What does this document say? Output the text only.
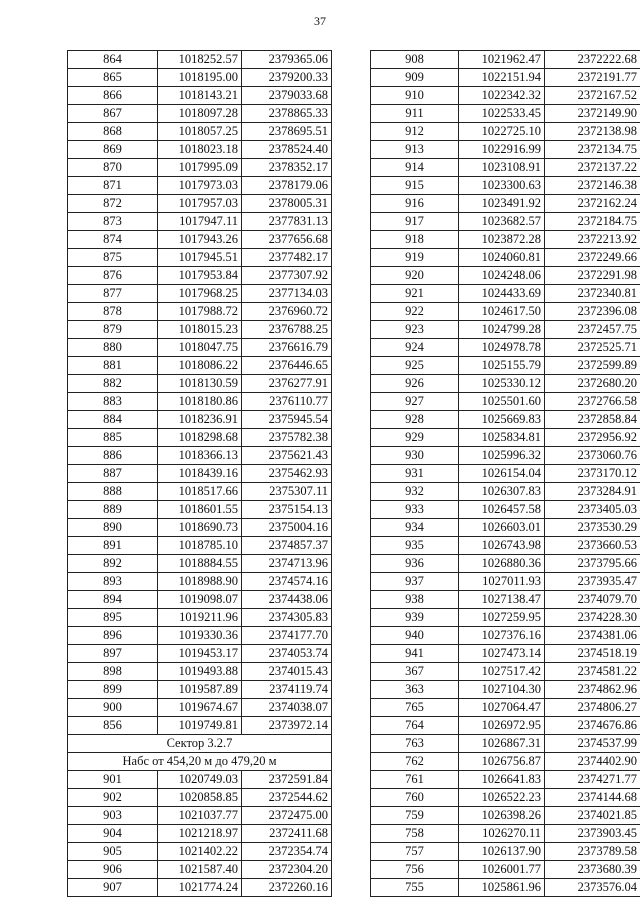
37
864	1018252.57	2379365.06
865	1018195.00	2379200.33
866	1018143.21	2379033.68
867	1018097.28	2378865.33
868	1018057.25	2378695.51
869	1018023.18	2378524.40
870	1017995.09	2378352.17
871	1017973.03	2378179.06
872	1017957.03	2378005.31
873	1017947.11	2377831.13
874	1017943.26	2377656.68
875	1017945.51	2377482.17
876	1017953.84	2377307.92
877	1017968.25	2377134.03
878	1017988.72	2376960.72
879	1018015.23	2376788.25
880	1018047.75	2376616.79
881	1018086.22	2376446.65
882	1018130.59	2376277.91
883	1018180.86	2376110.77
884	1018236.91	2375945.54
885	1018298.68	2375782.38
886	1018366.13	2375621.43
887	1018439.16	2375462.93
888	1018517.66	2375307.11
889	1018601.55	2375154.13
890	1018690.73	2375004.16
891	1018785.10	2374857.37
892	1018884.55	2374713.96
893	1018988.90	2374574.16
894	1019098.07	2374438.06
895	1019211.96	2374305.83
896	1019330.36	2374177.70
897	1019453.17	2374053.74
898	1019493.88	2374015.43
899	1019587.89	2374119.74
900	1019674.67	2374038.07
856	1019749.81	2373972.14
Сектор 3.2.7		
Набс от 454,20 м до 479,20 м		
901	1020749.03	2372591.84
902	1020858.85	2372544.62
903	1021037.77	2372475.00
904	1021218.97	2372411.68
905	1021402.22	2372354.74
906	1021587.40	2372304.20
907	1021774.24	2372260.16
908	1021962.47	2372222.68
909	1022151.94	2372191.77
910	1022342.32	2372167.52
911	1022533.45	2372149.90
912	1022725.10	2372138.98
913	1022916.99	2372134.75
914	1023108.91	2372137.22
915	1023300.63	2372146.38
916	1023491.92	2372162.24
917	1023682.57	2372184.75
918	1023872.28	2372213.92
919	1024060.81	2372249.66
920	1024248.06	2372291.98
921	1024433.69	2372340.81
922	1024617.50	2372396.08
923	1024799.28	2372457.75
924	1024978.78	2372525.71
925	1025155.79	2372599.89
926	1025330.12	2372680.20
927	1025501.60	2372766.58
928	1025669.83	2372858.84
929	1025834.81	2372956.92
930	1025996.32	2373060.76
931	1026154.04	2373170.12
932	1026307.83	2373284.91
933	1026457.58	2373405.03
934	1026603.01	2373530.29
935	1026743.98	2373660.53
936	1026880.36	2373795.66
937	1027011.93	2373935.47
938	1027138.47	2374079.70
939	1027259.95	2374228.30
940	1027376.16	2374381.06
941	1027473.14	2374518.19
367	1027517.42	2374581.22
363	1027104.30	2374862.96
765	1027064.47	2374806.27
764	1026972.95	2374676.86
763	1026867.31	2374537.99
762	1026756.87	2374402.90
761	1026641.83	2374271.77
760	1026522.23	2374144.68
759	1026398.26	2374021.85
758	1026270.11	2373903.45
757	1026137.90	2373789.58
756	1026001.77	2373680.39
755	1025861.96	2373576.04
